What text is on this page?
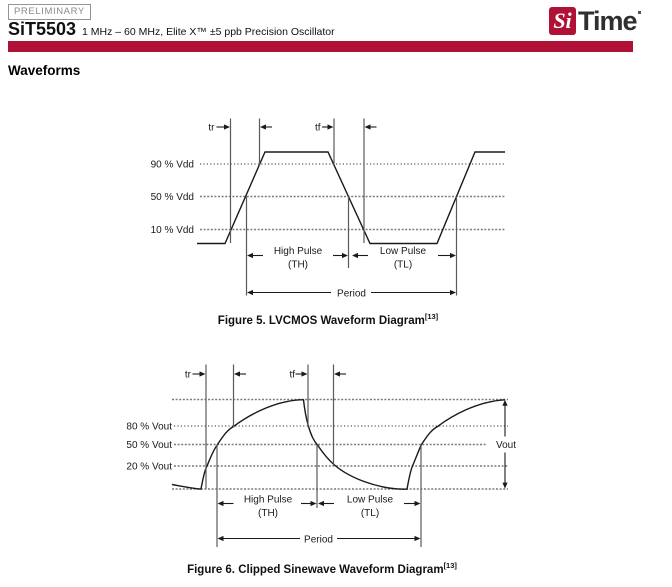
PRELIMINARY
SiT5503 1 MHz – 60 MHz, Elite X™ ±5 ppb Precision Oscillator	Si Time
Waveforms
tr	tf
90 % Vdd
50 % Vdd
10 % Vdd
High Pulse
(TH)
Low Pulse
(TL)
Period
Figure 5. LVCMOS Waveform Diagram[13]
tr	tf
80 % Vout
50 % Vout
20 % Vout
Vout
High Pulse
(TH)
Low Pulse
(TL)
Period
Figure 6. Clipped Sinewave Waveform Diagram[13]
